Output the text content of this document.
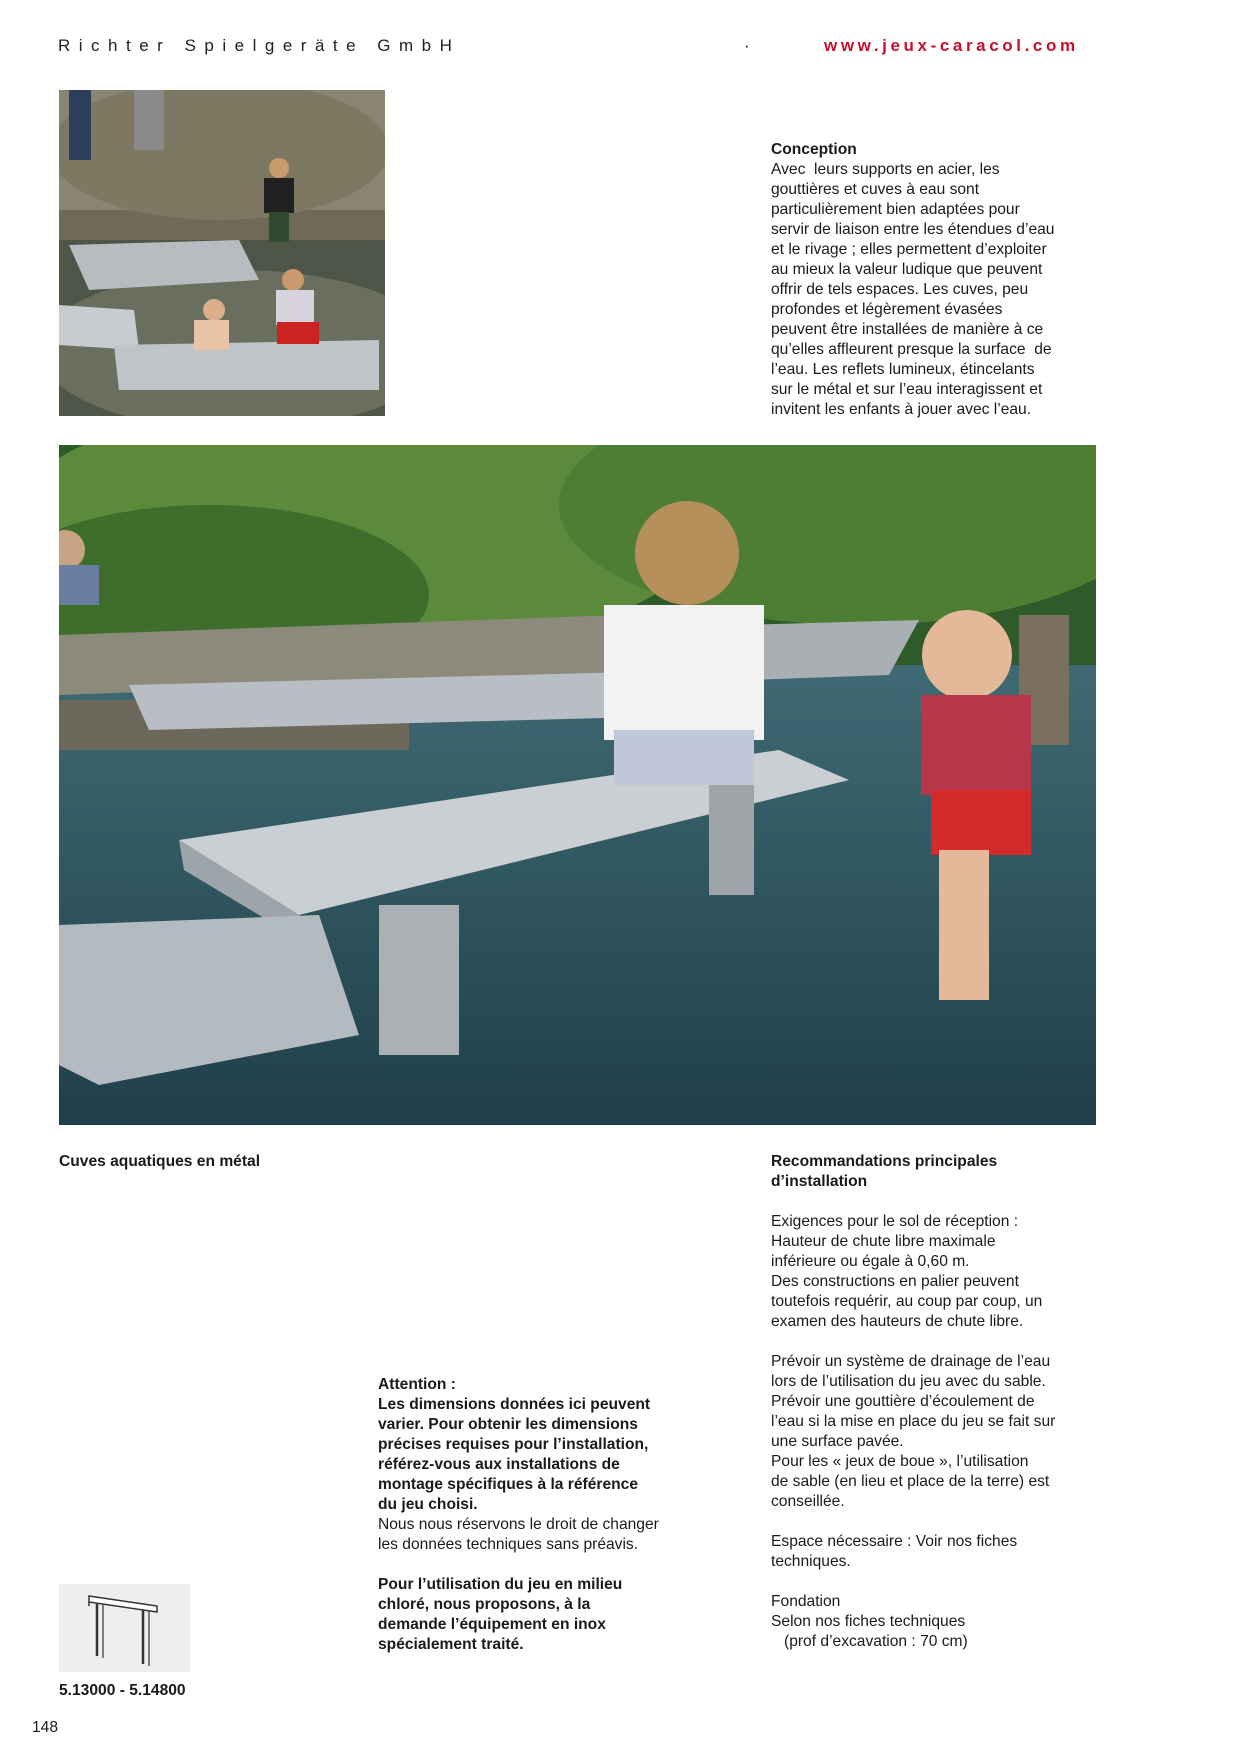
Richter Spielgeräte GmbH	·	www.jeux-caracol.com
Conception
Avec  leurs supports en acier, les
gouttières et cuves à eau sont
particulièrement bien adaptées pour
servir de liaison entre les étendues d’eau
et le rivage ; elles permettent d’exploiter
au mieux la valeur ludique que peuvent
offrir de tels espaces. Les cuves, peu
profondes et légèrement évasées
peuvent être installées de manière à ce
qu’elles affleurent presque la surface  de
l’eau. Les reflets lumineux, étincelants
sur le métal et sur l’eau interagissent et
invitent les enfants à jouer avec l’eau.
Cuves aquatiques en métal	Recommandations principales
d’installation
Exigences pour le sol de réception :
Hauteur de chute libre maximale
inférieure ou égale à 0,60 m.
Des constructions en palier peuvent
toutefois requérir, au coup par coup, un
examen des hauteurs de chute libre.
Prévoir un système de drainage de l’eau
lors de l’utilisation du jeu avec du sable.
Prévoir une gouttière d’écoulement de
l’eau si la mise en place du jeu se fait sur
une surface pavée.
Pour les « jeux de boue », l’utilisation
de sable (en lieu et place de la terre) est
conseillée.
Espace nécessaire : Voir nos fiches
techniques.
Fondation
Selon nos fiches techniques
(prof d’excavation : 70 cm)
Attention :
Les dimensions données ici peuvent
varier. Pour obtenir les dimensions
précises requises pour l’installation,
référez-vous aux installations de
montage spécifiques à la référence
du jeu choisi.
Nous nous réservons le droit de changer
les données techniques sans préavis.
Pour l’utilisation du jeu en milieu
chloré, nous proposons, à la
demande l’équipement en inox
spécialement traité.
5.13000 - 5.14800
148
